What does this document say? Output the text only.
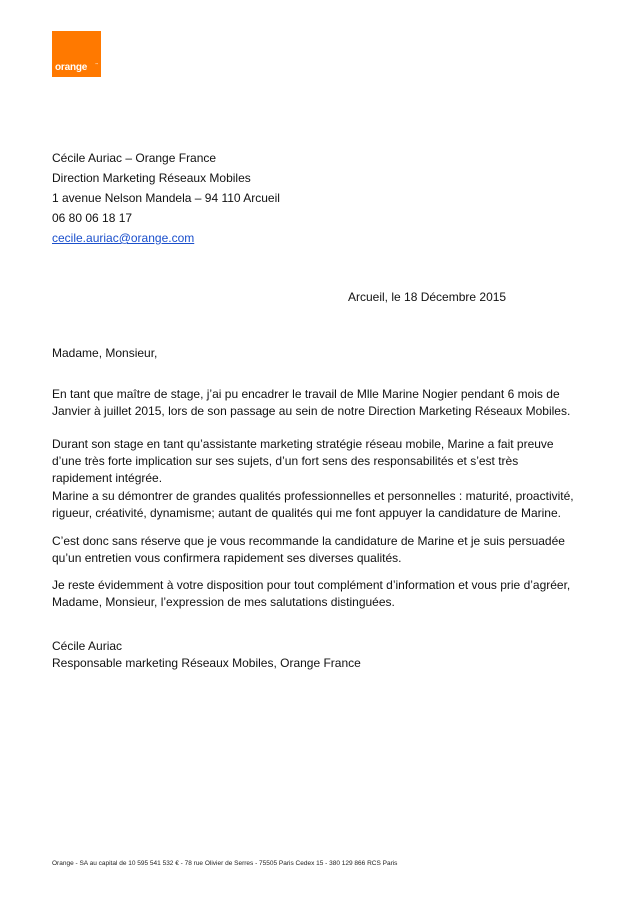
™
orange
Cécile Auriac – Orange France
Direction Marketing Réseaux Mobiles
1 avenue Nelson Mandela – 94 110 Arcueil
06 80 06 18 17
cecile.auriac@orange.com
Arcueil, le 18 Décembre 2015
Madame, Monsieur,
En tant que maître de stage, j’ai pu encadrer le travail de Mlle Marine Nogier pendant 6 mois de
Janvier à juillet 2015, lors de son passage au sein de notre Direction Marketing Réseaux Mobiles.
Durant son stage en tant qu’assistante marketing stratégie réseau mobile, Marine a fait preuve
d’une très forte implication sur ses sujets, d’un fort sens des responsabilités et s’est très
rapidement intégrée.
Marine a su démontrer de grandes qualités professionnelles et personnelles : maturité, proactivité,
rigueur, créativité, dynamisme; autant de qualités qui me font appuyer la candidature de Marine.
C’est donc sans réserve que je vous recommande la candidature de Marine et je suis persuadée
qu’un entretien vous confirmera rapidement ses diverses qualités.
Je reste évidemment à votre disposition pour tout complément d’information et vous prie d’agréer,
Madame, Monsieur, l’expression de mes salutations distinguées.
Cécile Auriac
Responsable marketing Réseaux Mobiles, Orange France
Orange - SA au capital de 10 595 541 532 € - 78 rue Olivier de Serres - 75505 Paris Cedex 15 - 380 129 866 RCS Paris
